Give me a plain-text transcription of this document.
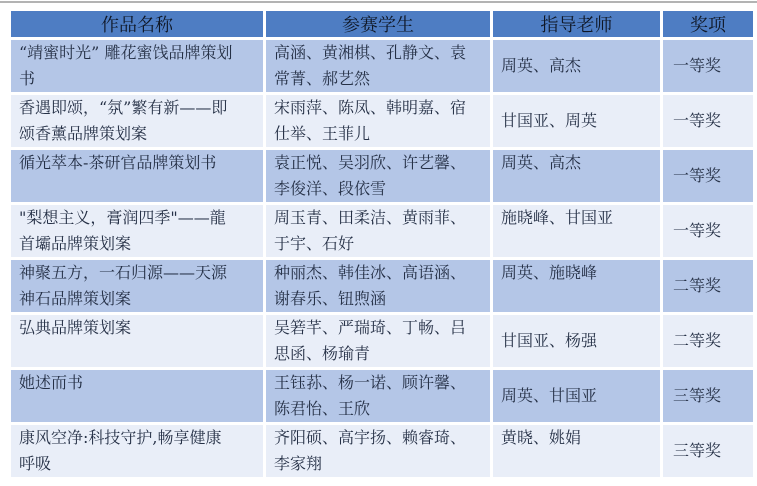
作品名称	参赛学生	指导老师	奖项
“靖蜜时光” 雕花蜜饯品牌策划书	高涵、黄湘棋、孔静文、袁常菁、郝艺然	周英、高杰	一等奖
香遇即颂，“氛”繁有新——即颂香薰品牌策划案	宋雨萍、陈凤、韩明嘉、宿仕举、王菲儿	甘国亚、周英	一等奖
循光萃本-茶研官品牌策划书	袁正悦、吴羽欣、许艺馨、李俊洋、段依雪	周英、高杰	一等奖
"梨想主义，膏润四季"——龍首壩品牌策划案	周玉青、田柔洁、黄雨菲、于宇、石好	施晓峰、甘国亚	一等奖
神聚五方，一石归源——天源神石品牌策划案	种丽杰、韩佳冰、高语涵、谢春乐、钮煦涵	周英、施晓峰	二等奖
弘典品牌策划案	吴箬芊、严瑞琦、丁畅、吕思函、杨瑜青	甘国亚、杨强	二等奖
她述而书	王钰荪、杨一诺、顾许馨、陈君怡、王欣	周英、甘国亚	三等奖
康风空净:科技守护,畅享健康呼吸	齐阳硕、高宇扬、赖睿琦、李家翔	黄晓、姚娟	三等奖
